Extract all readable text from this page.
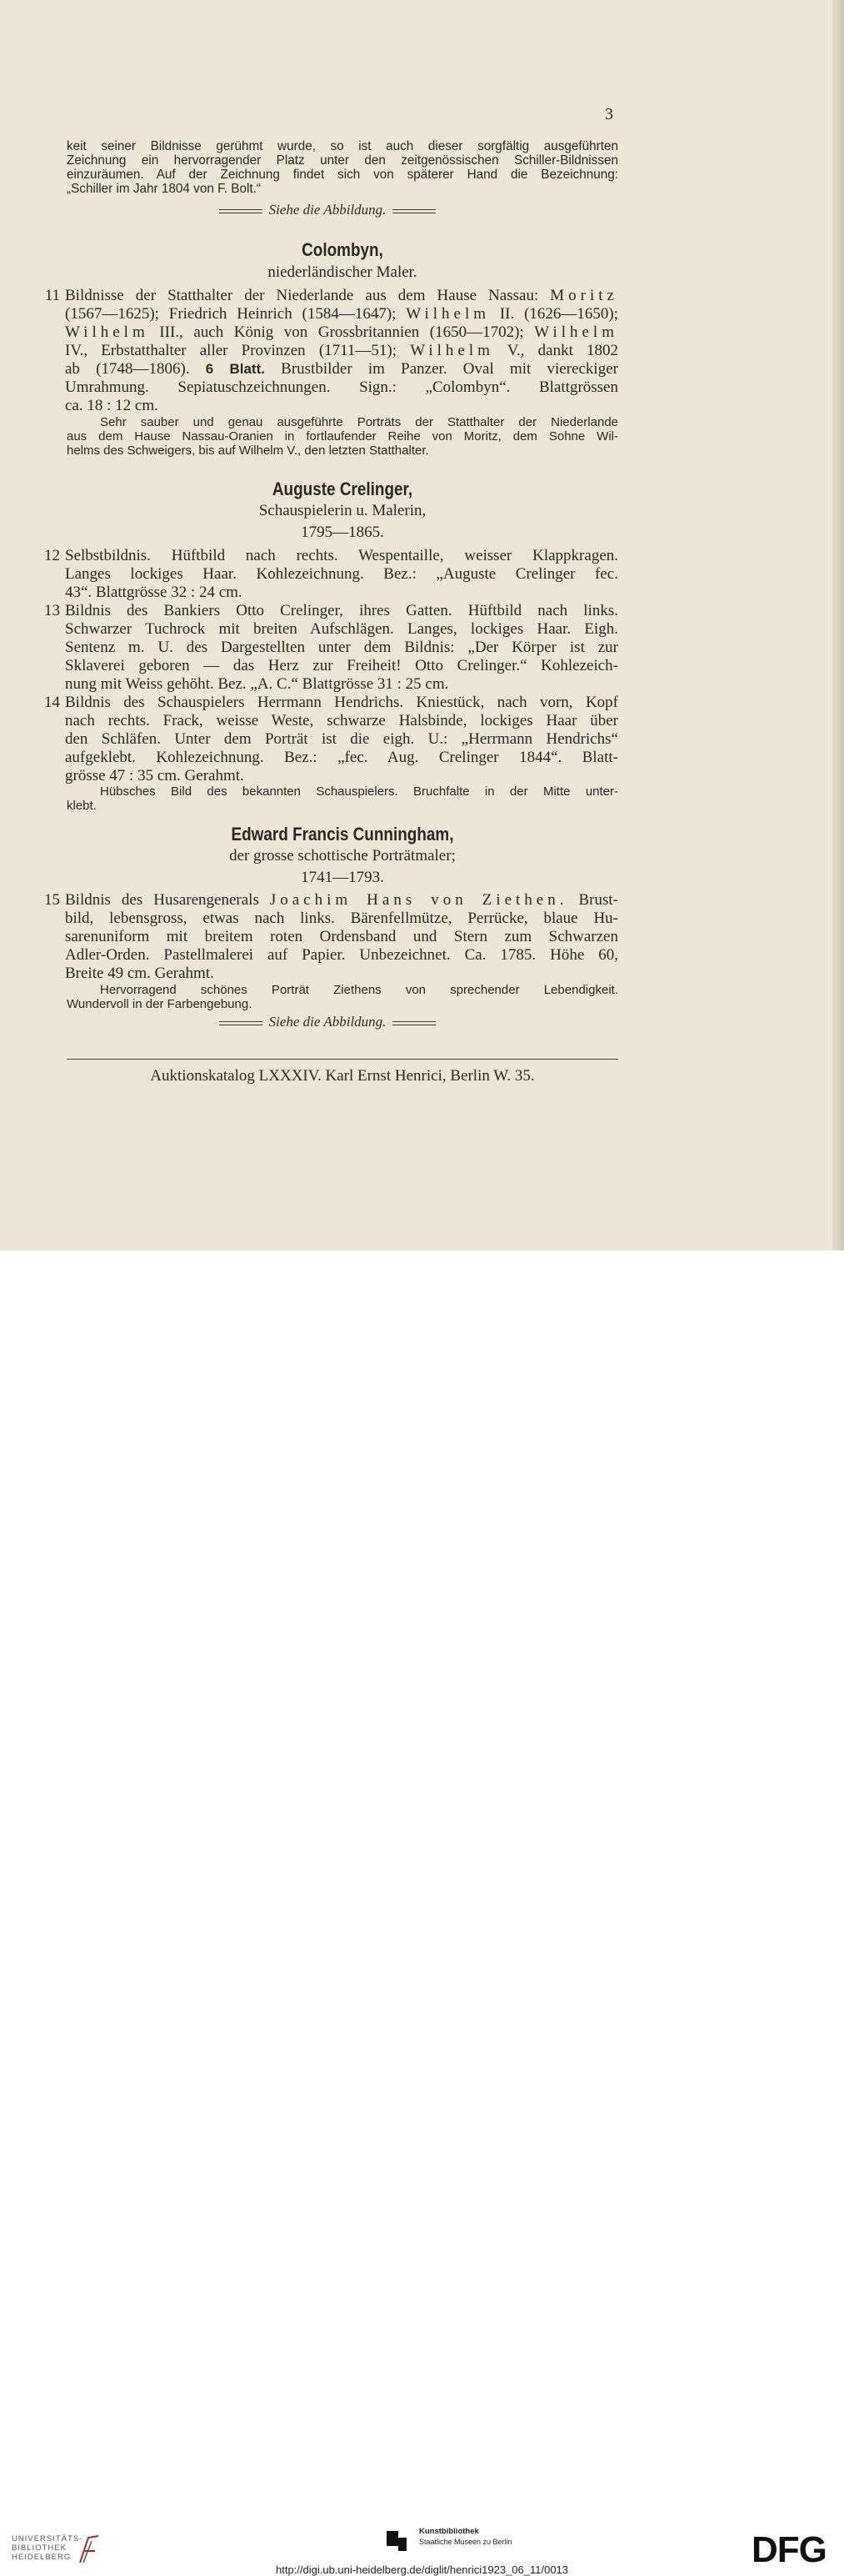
3
keit seiner Bildnisse gerühmt wurde, so ist auch dieser sorgfältig ausgeführten
Zeichnung ein hervorragender Platz unter den zeitgenössischen Schiller-Bildnissen
einzuräumen. Auf der Zeichnung findet sich von späterer Hand die Bezeichnung:
„Schiller im Jahr 1804 von F. Bolt.“
Siehe die Abbildung.
Colombyn,
niederländischer Maler.
11 Bildnisse der Statthalter der Niederlande aus dem Hause Nassau: Moritz
(1567—1625); Friedrich Heinrich (1584—1647); Wilhelm II. (1626—1650);
Wilhelm III., auch König von Grossbritannien (1650—1702); Wilhelm
IV., Erbstatthalter aller Provinzen (1711—51); Wilhelm V., dankt 1802
ab (1748—1806). 6 Blatt. Brustbilder im Panzer. Oval mit viereckiger
Umrahmung. Sepiatuschzeichnungen. Sign.: „Colombyn“. Blattgrössen
ca. 18 : 12 cm.
Sehr sauber und genau ausgeführte Porträts der Statthalter der Niederlande
aus dem Hause Nassau-Oranien in fortlaufender Reihe von Moritz, dem Sohne Wil-
helms des Schweigers, bis auf Wilhelm V., den letzten Statthalter.
Auguste Crelinger,
Schauspielerin u. Malerin,
1795—1865.
12 Selbstbildnis. Hüftbild nach rechts. Wespentaille, weisser Klappkragen.
Langes lockiges Haar. Kohlezeichnung. Bez.: „Auguste Crelinger fec.
43“. Blattgrösse 32 : 24 cm.
13 Bildnis des Bankiers Otto Crelinger, ihres Gatten. Hüftbild nach links.
Schwarzer Tuchrock mit breiten Aufschlägen. Langes, lockiges Haar. Eigh.
Sentenz m. U. des Dargestellten unter dem Bildnis: „Der Körper ist zur
Sklaverei geboren — das Herz zur Freiheit! Otto Crelinger.“ Kohlezeich-
nung mit Weiss gehöht. Bez. „A. C.“ Blattgrösse 31 : 25 cm.
14 Bildnis des Schauspielers Herrmann Hendrichs. Kniestück, nach vorn, Kopf
nach rechts. Frack, weisse Weste, schwarze Halsbinde, lockiges Haar über
den Schläfen. Unter dem Porträt ist die eigh. U.: „Herrmann Hendrichs“
aufgeklebt. Kohlezeichnung. Bez.: „fec. Aug. Crelinger 1844“. Blatt-
grösse 47 : 35 cm. Gerahmt.
Hübsches Bild des bekannten Schauspielers. Bruchfalte in der Mitte unter-
klebt.
Edward Francis Cunningham,
der grosse schottische Porträtmaler;
1741—1793.
15 Bildnis des Husarengenerals Joachim Hans von Ziethen. Brust-
bild, lebensgross, etwas nach links. Bärenfellmütze, Perrücke, blaue Hu-
sarenuniform mit breitem roten Ordensband und Stern zum Schwarzen
Adler-Orden. Pastellmalerei auf Papier. Unbezeichnet. Ca. 1785. Höhe 60,
Breite 49 cm. Gerahmt.
Hervorragend schönes Porträt Ziethens von sprechender Lebendigkeit.
Wundervoll in der Farbengebung.
Siehe die Abbildung.
Auktionskatalog LXXXIV. Karl Ernst Henrici, Berlin W. 35.
UNIVERSITÄTS-
BIBLIOTHEK
HEIDELBERG
Kunstbibliothek
Staatliche Museen zu Berlin	DFG
http://digi.ub.uni-heidelberg.de/diglit/henrici1923_06_11/0013
